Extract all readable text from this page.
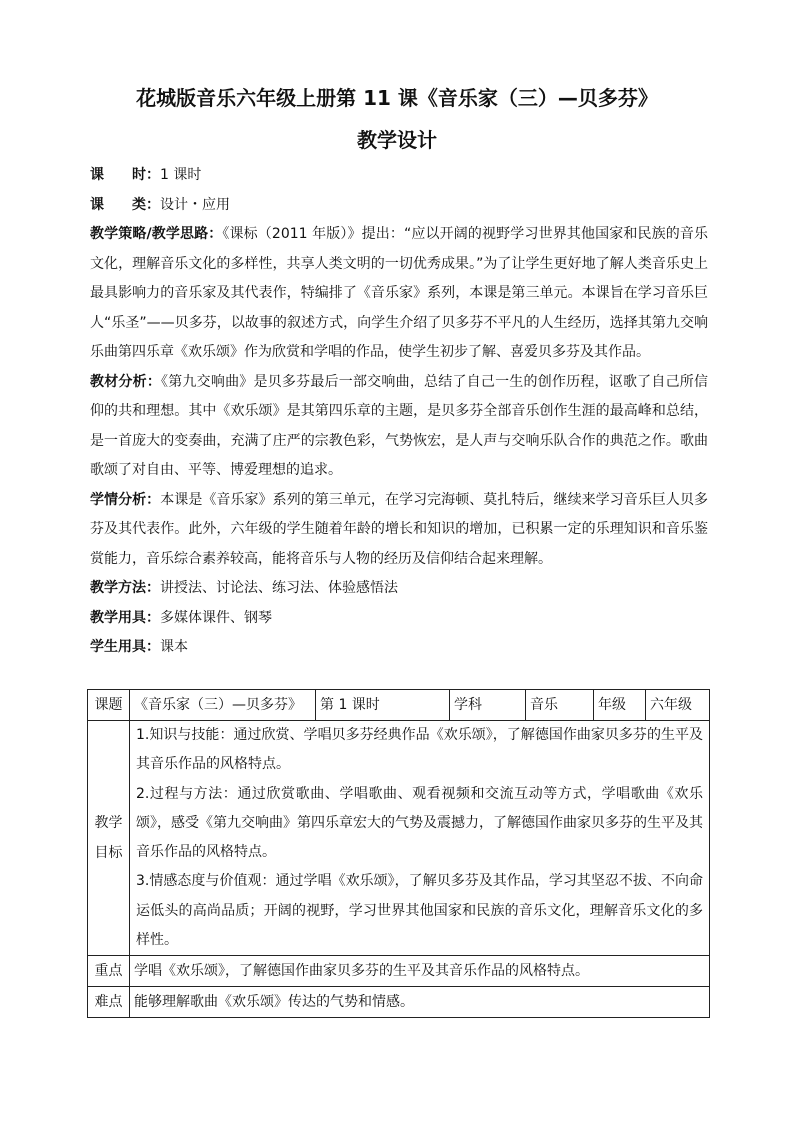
花城版音乐六年级上册第 11 课《音乐家（三）—贝多芬》
教学设计
课 时：1 课时
课 类：设计・应用
教学策略/教学思路：《课标（2011 年版）》提出：“应以开阔的视野学习世界其他国家和民族的音乐文化，理解音乐文化的多样性，共享人类文明的一切优秀成果。”为了让学生更好地了解人类音乐史上最具影响力的音乐家及其代表作，特编排了《音乐家》系列，本课是第三单元。本课旨在学习音乐巨人“乐圣”——贝多芬，以故事的叙述方式，向学生介绍了贝多芬不平凡的人生经历，选择其第九交响乐曲第四乐章《欢乐颂》作为欣赏和学唱的作品，使学生初步了解、喜爱贝多芬及其作品。
教材分析：《第九交响曲》是贝多芬最后一部交响曲，总结了自己一生的创作历程，讴歌了自己所信仰的共和理想。其中《欢乐颂》是其第四乐章的主题，是贝多芬全部音乐创作生涯的最高峰和总结，是一首庞大的变奏曲，充满了庄严的宗教色彩，气势恢宏，是人声与交响乐队合作的典范之作。歌曲歌颂了对自由、平等、博爱理想的追求。
学情分析：本课是《音乐家》系列的第三单元，在学习完海顿、莫扎特后，继续来学习音乐巨人贝多芬及其代表作。此外，六年级的学生随着年龄的增长和知识的增加，已积累一定的乐理知识和音乐鉴赏能力，音乐综合素养较高，能将音乐与人物的经历及信仰结合起来理解。
教学方法：讲授法、讨论法、练习法、体验感悟法
教学用具：多媒体课件、钢琴
学生用具：课本
课题	《音乐家（三）—贝多芬》	第 1 课时	学科	音乐	年级	六年级
教学
目标	1.知识与技能：通过欣赏、学唱贝多芬经典作品《欢乐颂》，了解德国作曲家贝多芬的生平及其音乐作品的风格特点。
2.过程与方法：通过欣赏歌曲、学唱歌曲、观看视频和交流互动等方式，学唱歌曲《欢乐颂》，感受《第九交响曲》第四乐章宏大的气势及震撼力，了解德国作曲家贝多芬的生平及其音乐作品的风格特点。
3.情感态度与价值观：通过学唱《欢乐颂》，了解贝多芬及其作品，学习其坚忍不拔、不向命运低头的高尚品质；开阔的视野，学习世界其他国家和民族的音乐文化，理解音乐文化的多样性。					

重点	学唱《欢乐颂》，了解德国作曲家贝多芬的生平及其音乐作品的风格特点。					
难点	能够理解歌曲《欢乐颂》传达的气势和情感。					
